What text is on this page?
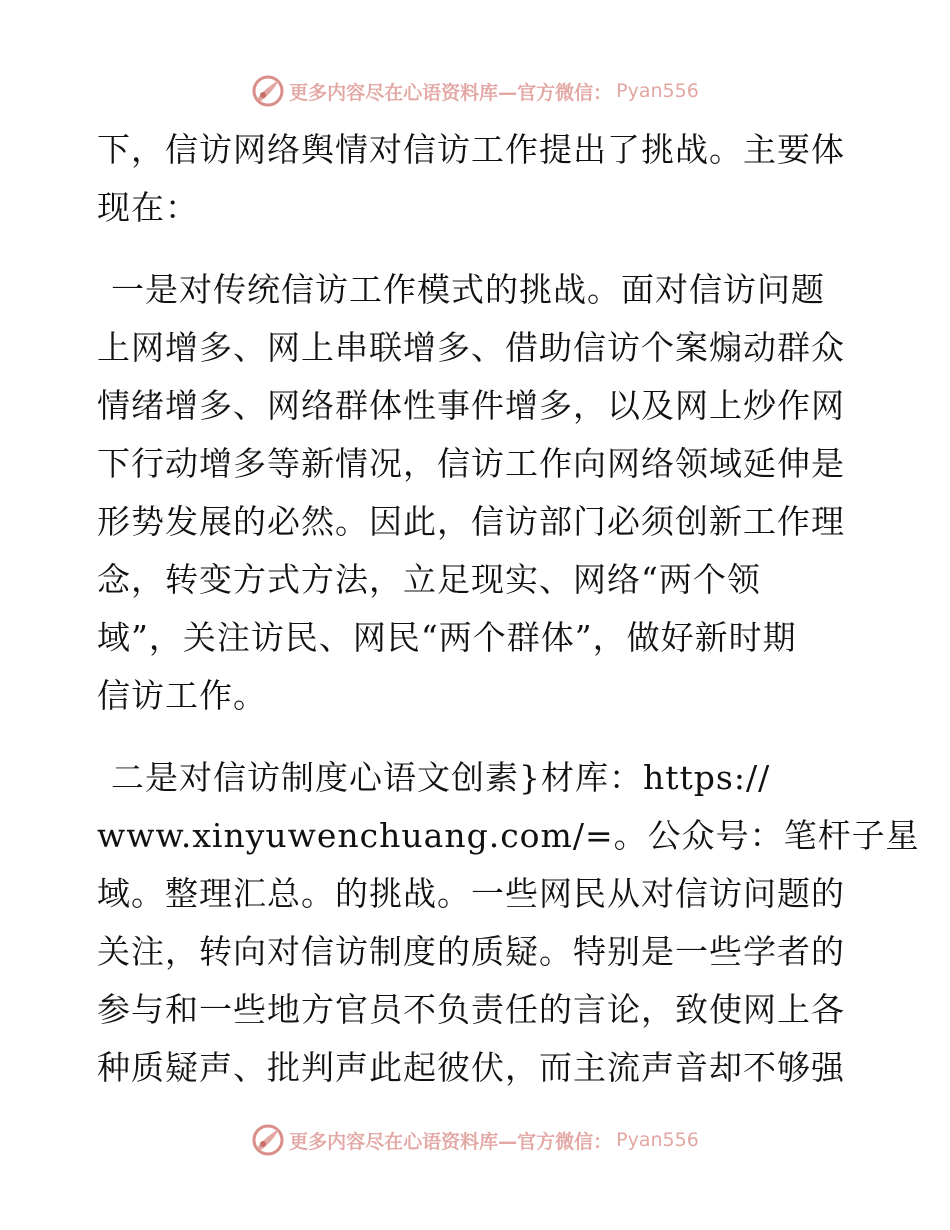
更多内容尽在心语资料库—官方微信： Pyan556
下，信访网络舆情对信访工作提出了挑战。主要体
现在：
一是对传统信访工作模式的挑战。面对信访问题
上网增多、网上串联增多、借助信访个案煽动群众
情绪增多、网络群体性事件增多，以及网上炒作网
下行动增多等新情况，信访工作向网络领域延伸是
形势发展的必然。因此，信访部门必须创新工作理
念，转变方式方法，立足现实、网络“两个领
域”，关注访民、网民“两个群体”，做好新时期
信访工作。
二是对信访制度心语文创素}材库：https://
www.xinyuwenchuang.com/=。公众号：笔杆子星
域。整理汇总。的挑战。一些网民从对信访问题的
关注，转向对信访制度的质疑。特别是一些学者的
参与和一些地方官员不负责任的言论，致使网上各
种质疑声、批判声此起彼伏，而主流声音却不够强
更多内容尽在心语资料库—官方微信： Pyan556
